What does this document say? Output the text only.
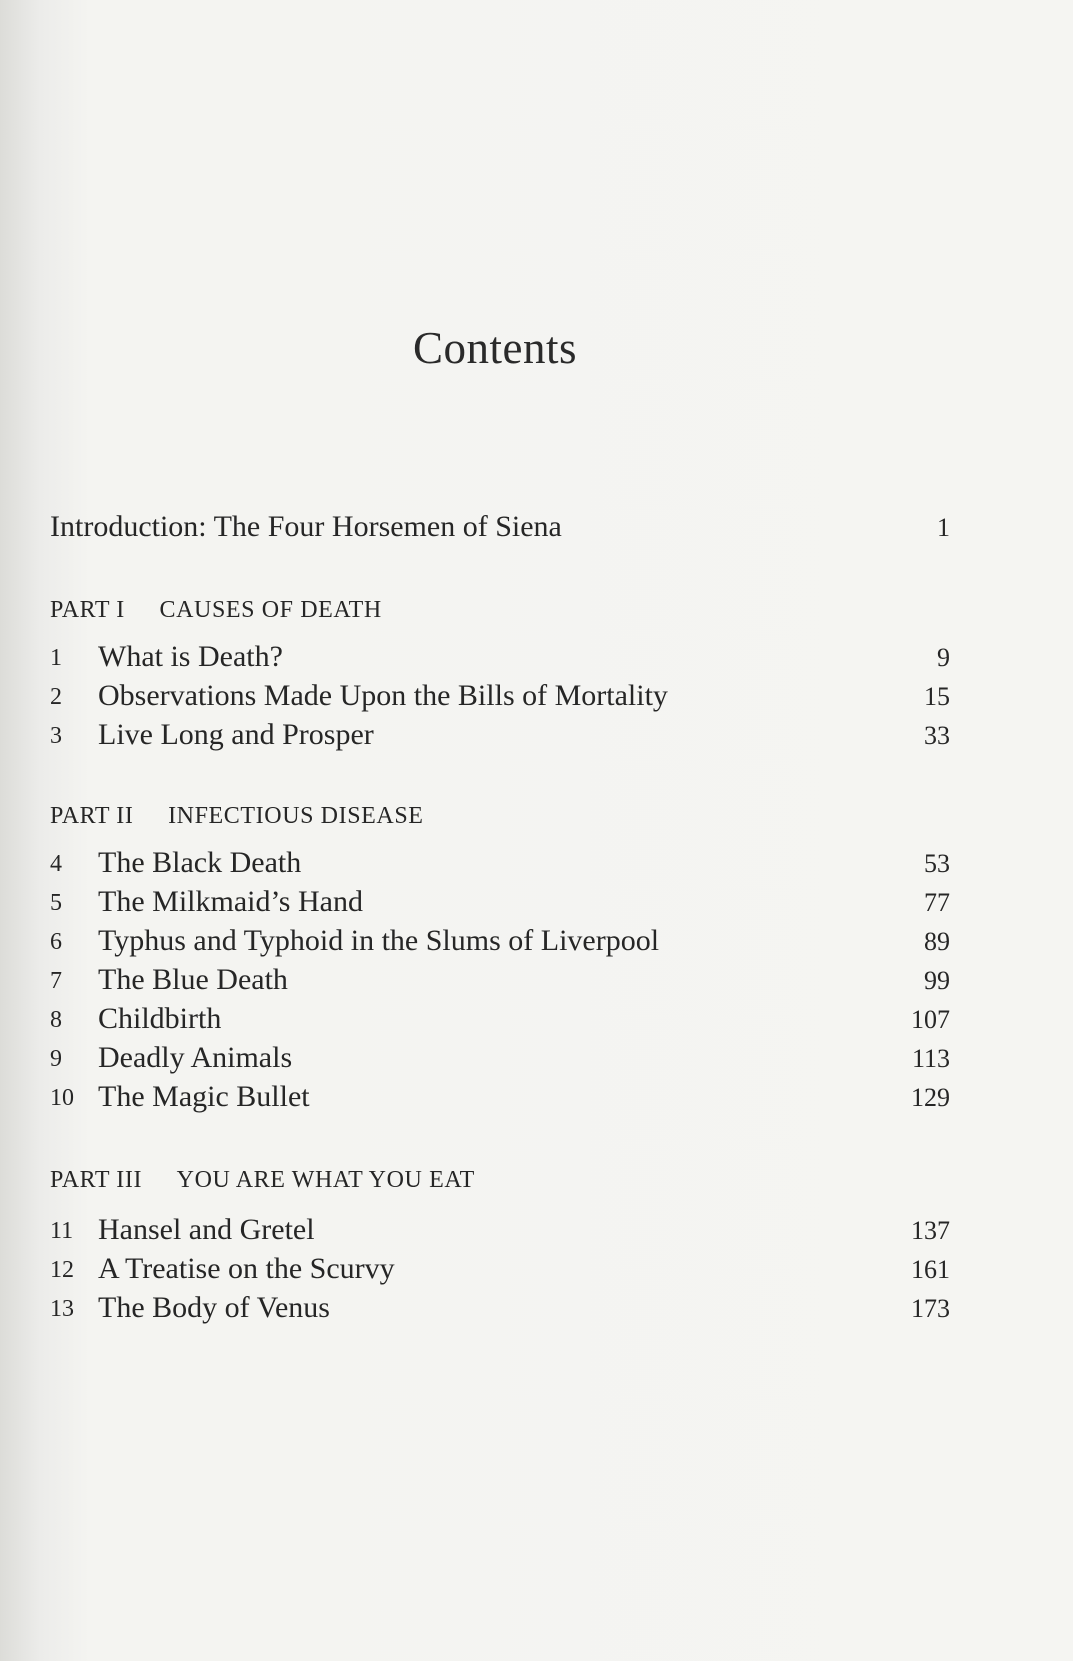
Contents
Introduction: The Four Horsemen of Siena	1
PART I CAUSES OF DEATH
1	What is Death?	9
2	Observations Made Upon the Bills of Mortality	15
3	Live Long and Prosper	33
PART II INFECTIOUS DISEASE
4	The Black Death	53
5	The Milkmaid’s Hand	77
6	Typhus and Typhoid in the Slums of Liverpool	89
7	The Blue Death	99
8	Childbirth	107
9	Deadly Animals	113
10 The Magic Bullet	129
PART III YOU ARE WHAT YOU EAT
11 Hansel and Gretel	137
12 A Treatise on the Scurvy	161
13 The Body of Venus	173
